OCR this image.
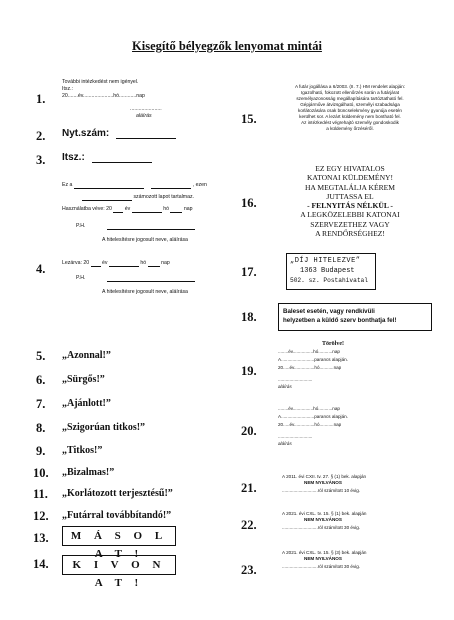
Kisegítő bélyegzők lenyomat mintái
1.
További intézkedést nem igényel.
Itsz.:
20.......év.....................hó............nap
......................
aláírás
2. Nyt.szám:
3. Itsz.:
4.
Ez a	, ezen
számozott lapot tartalmaz.
Használatba véve: 20 év	hó	nap
P.H.
A hitelesítésre jogosult neve, aláírása
Lezárva: 20 év	hó	nap
P.H.
A hitelesítésre jogosult neve, aláírása
5. „Azonnal!”
6. „Sürgős!”
7. „Ajánlott!”
8. „Szigorúan titkos!”
9. „Titkos!”
10. „Bizalmas!”
11. „Korlátozott terjesztésű!”
12. „Futárral továbbítandó!”
13.	M Á S O L A T !
14.	K I V O N A T !
15.
A futár jogállása a 6/2003. (II. 7.) HM rendelet alapján:
Igazolható, fokozott ellenőrzés során a futárjárat
személyazonosság megállapítására tartóztatható fel.
Gépjárműve átvizsgálható, személyi szabadsága
korlátozására csak büncselekmény gyanúja esetén
kerülhet sor. A lezárt küldemény nem bontható fel.
Az intézkedést végrehajtó személy gondoskodik
a küldemény őrzéséről.
16.
EZ EGY HIVATALOS
KATONAI KÜLDEMÉNY!
HA MEGTALÁLJA KÉREM
JUTTASSA EL
- FELNYITÁS NÉLKÜL -
A LEGKÖZELEBBI KATONAI
SZERVEZETHEZ VAGY
A RENDŐRSÉGHEZ!
17.
„DÍJ HITELEZVE”
1363 Budapest
502. sz. Postahivatal
18.	Baleset esetén, vagy rendkívüli
helyzetben a küldő szerv bonthatja fel!
19.
Törölve!
........év................hó...........nap
A..........................parancs alapján.
20.....év................hó...........nap
...........................
aláírás
20.
........év................hó...........nap
A..........................parancs alapján.
20.....év................hó...........nap
...........................
aláírás
21.
A 2011. évi CXII. tv. 27. § (1) bek. alapján
NEM NYILVÁNOS
............................ról számított 10 évig.
22.
A 2021. évi CXL. tv. 15. § (1) bek. alapján
NEM NYILVÁNOS
............................ról számított 30 évig.
23.
A 2021. évi CXL. tv. 15. § (3) bek. alapján
NEM NYILVÁNOS
............................ról számított 30 évig.
